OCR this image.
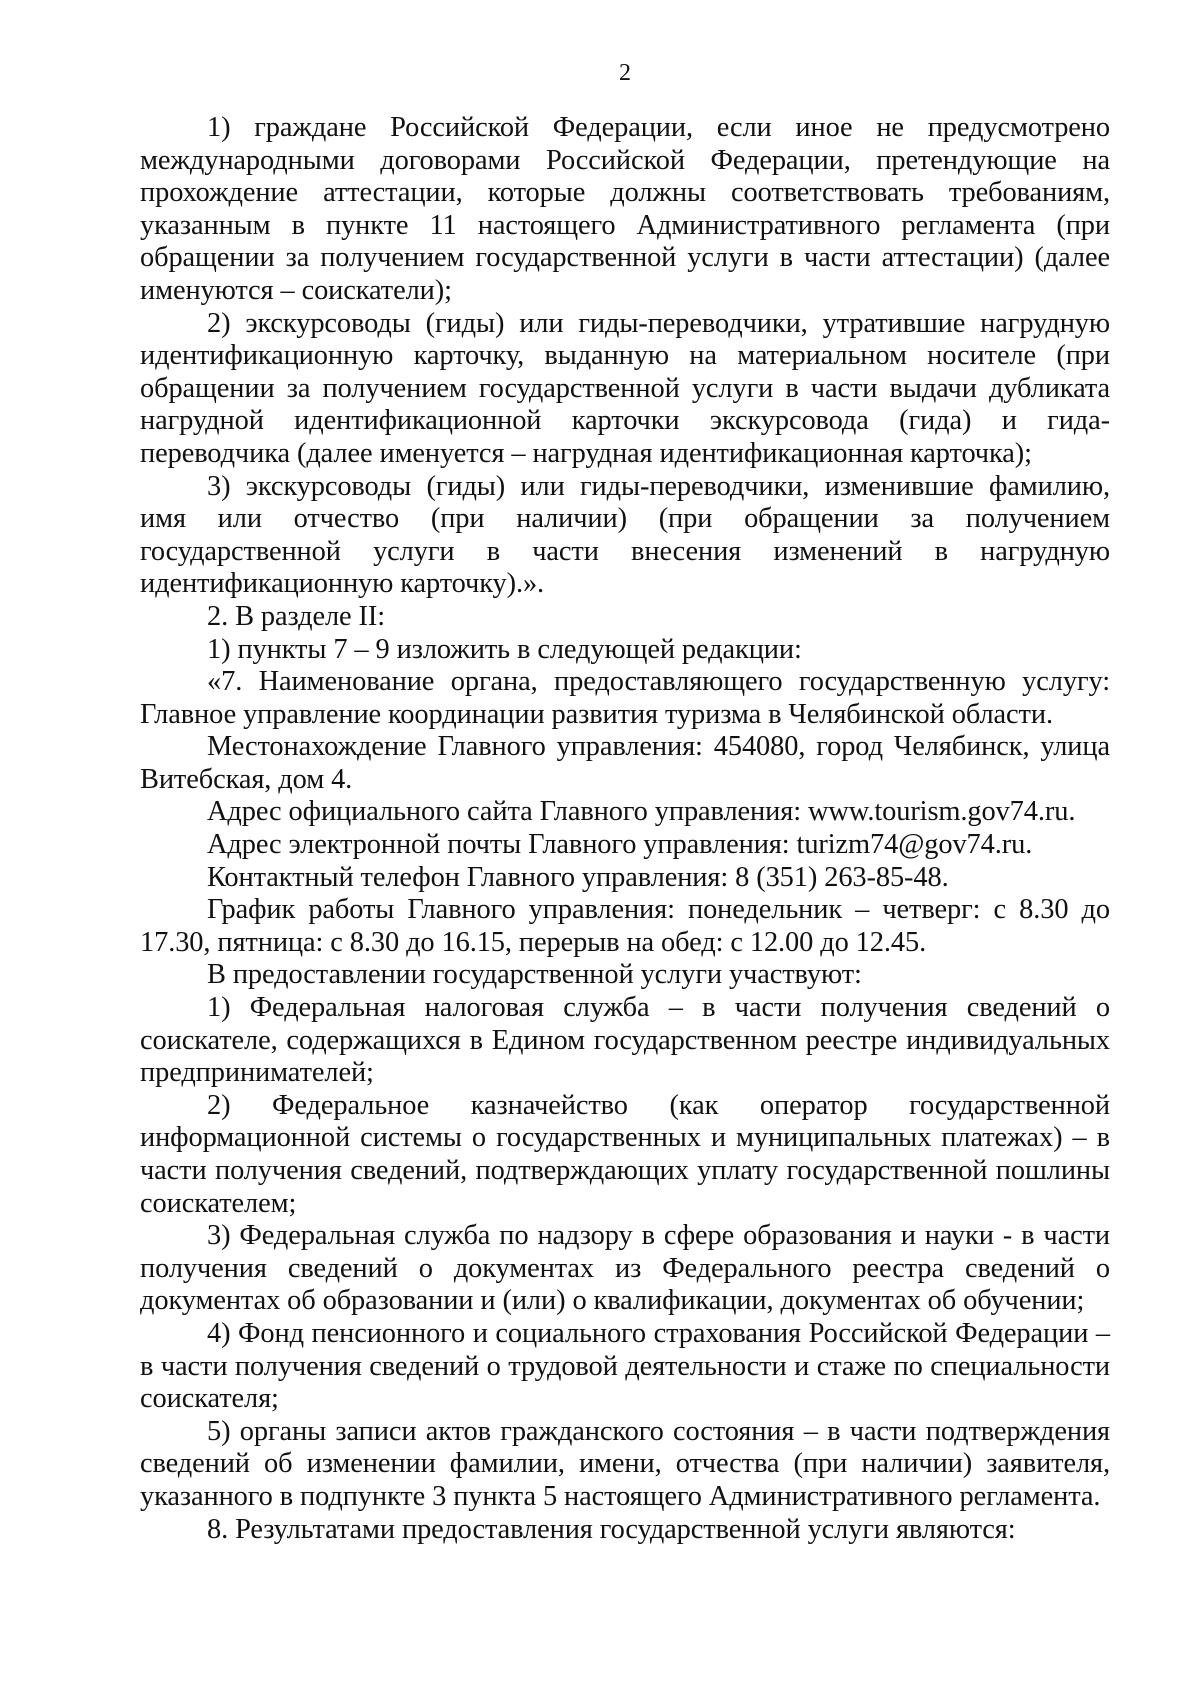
2

1) граждане Российской Федерации, если иное не предусмотрено международными договорами Российской Федерации, претендующие на прохождение аттестации, которые должны соответствовать требованиям, указанным в пункте 11 настоящего Административного регламента (при обращении за получением государственной услуги в части аттестации) (далее именуются – соискатели);

2) экскурсоводы (гиды) или гиды-переводчики, утратившие нагрудную идентификационную карточку, выданную на материальном носителе (при обращении за получением государственной услуги в части выдачи дубликата нагрудной идентификационной карточки экскурсовода (гида) и гида-переводчика (далее именуется – нагрудная идентификационная карточка);

3) экскурсоводы (гиды) или гиды-переводчики, изменившие фамилию, имя или отчество (при наличии) (при обращении за получением государственной услуги в части внесения изменений в нагрудную идентификационную карточку).».

2. В разделе II:

1) пункты 7 – 9 изложить в следующей редакции:

«7. Наименование органа, предоставляющего государственную услугу: Главное управление координации развития туризма в Челябинской области.

Местонахождение Главного управления: 454080, город Челябинск, улица Витебская, дом 4.

Адрес официального сайта Главного управления: www.tourism.gov74.ru.

Адрес электронной почты Главного управления: turizm74@gov74.ru.

Контактный телефон Главного управления: 8 (351) 263-85-48.

График работы Главного управления: понедельник – четверг: с 8.30 до 17.30, пятница: с 8.30 до 16.15, перерыв на обед: с 12.00 до 12.45.

В предоставлении государственной услуги участвуют:

1) Федеральная налоговая служба – в части получения сведений о соискателе, содержащихся в Едином государственном реестре индивидуальных предпринимателей;

2) Федеральное казначейство (как оператор государственной информационной системы о государственных и муниципальных платежах) – в части получения сведений, подтверждающих уплату государственной пошлины соискателем;

3) Федеральная служба по надзору в сфере образования и науки - в части получения сведений о документах из Федерального реестра сведений о документах об образовании и (или) о квалификации, документах об обучении;

4) Фонд пенсионного и социального страхования Российской Федерации – в части получения сведений о трудовой деятельности и стаже по специальности соискателя;

5) органы записи актов гражданского состояния – в части подтверждения сведений об изменении фамилии, имени, отчества (при наличии) заявителя, указанного в подпункте 3 пункта 5 настоящего Административного регламента.

8. Результатами предоставления государственной услуги являются:
